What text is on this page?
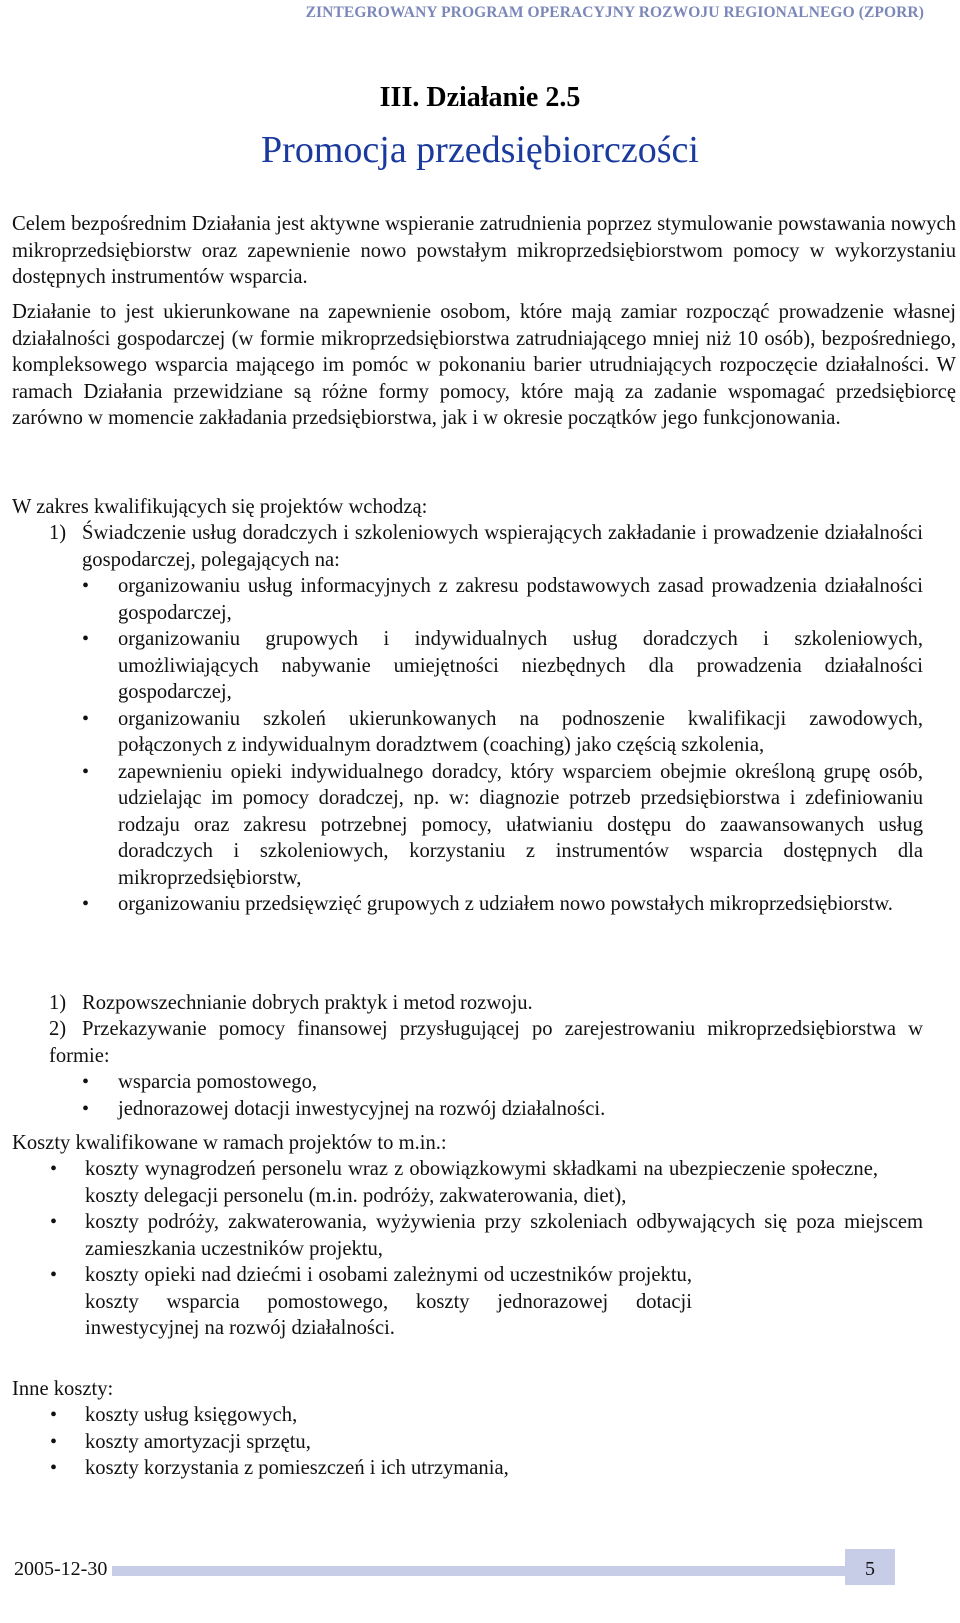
ZINTEGROWANY PROGRAM OPERACYJNY ROZWOJU REGIONALNEGO (ZPORR)
III. Działanie 2.5
Promocja przedsiębiorczości

Celem bezpośrednim Działania jest aktywne wspieranie zatrudnienia poprzez stymulowanie powstawania nowych mikroprzedsiębiorstw oraz zapewnienie nowo powstałym mikroprzedsiębiorstwom pomocy w wykorzystaniu dostępnych instrumentów wsparcia.

Działanie to jest ukierunkowane na zapewnienie osobom, które mają zamiar rozpocząć prowadzenie własnej działalności gospodarczej (w formie mikroprzedsiębiorstwa zatrudniającego mniej niż 10 osób), bezpośredniego, kompleksowego wsparcia mającego im pomóc w pokonaniu barier utrudniających rozpoczęcie działalności. W ramach Działania przewidziane są różne formy pomocy, które mają za zadanie wspomagać przedsiębiorcę zarówno w momencie zakładania przedsiębiorstwa, jak i w okresie początków jego funkcjonowania.

W zakres kwalifikujących się projektów wchodzą:
1) Świadczenie usług doradczych i szkoleniowych wspierających zakładanie i prowadzenie działalności gospodarczej, polegających na:
•	organizowaniu usług informacyjnych z zakresu podstawowych zasad prowadzenia działalności gospodarczej,
•	organizowaniu grupowych i indywidualnych usług doradczych i szkoleniowych, umożliwiających nabywanie umiejętności niezbędnych dla prowadzenia działalności gospodarczej,
•	organizowaniu szkoleń ukierunkowanych na podnoszenie kwalifikacji zawodowych, połączonych z indywidualnym doradztwem (coaching) jako częścią szkolenia,
•	zapewnieniu opieki indywidualnego doradcy, który wsparciem obejmie określoną grupę osób, udzielając im pomocy doradczej, np. w: diagnozie potrzeb przedsiębiorstwa i zdefiniowaniu rodzaju oraz zakresu potrzebnej pomocy, ułatwianiu dostępu do zaawansowanych usług doradczych i szkoleniowych, korzystaniu z instrumentów wsparcia dostępnych dla mikroprzedsiębiorstw,
•	organizowaniu przedsięwzięć grupowych z udziałem nowo powstałych mikroprzedsiębiorstw.
1) Rozpowszechnianie dobrych praktyk i metod rozwoju.
2) Przekazywanie pomocy finansowej przysługującej po zarejestrowaniu mikroprzedsiębiorstwa w formie:
•	wsparcia pomostowego,
•	jednorazowej dotacji inwestycyjnej na rozwój działalności.
Koszty kwalifikowane w ramach projektów to m.in.:
•	koszty wynagrodzeń personelu wraz z obowiązkowymi składkami na ubezpieczenie społeczne, koszty delegacji personelu (m.in. podróży, zakwaterowania, diet),
•	koszty podróży, zakwaterowania, wyżywienia przy szkoleniach odbywających się poza miejscem zamieszkania uczestników projektu,
•	koszty opieki nad dziećmi i osobami zależnymi od uczestników projektu, koszty wsparcia pomostowego, koszty jednorazowej dotacji inwestycyjnej na rozwój działalności.
Inne koszty:
•	koszty usług księgowych,
•	koszty amortyzacji sprzętu,
•	koszty korzystania z pomieszczeń i ich utrzymania,
2005-12-30	5
